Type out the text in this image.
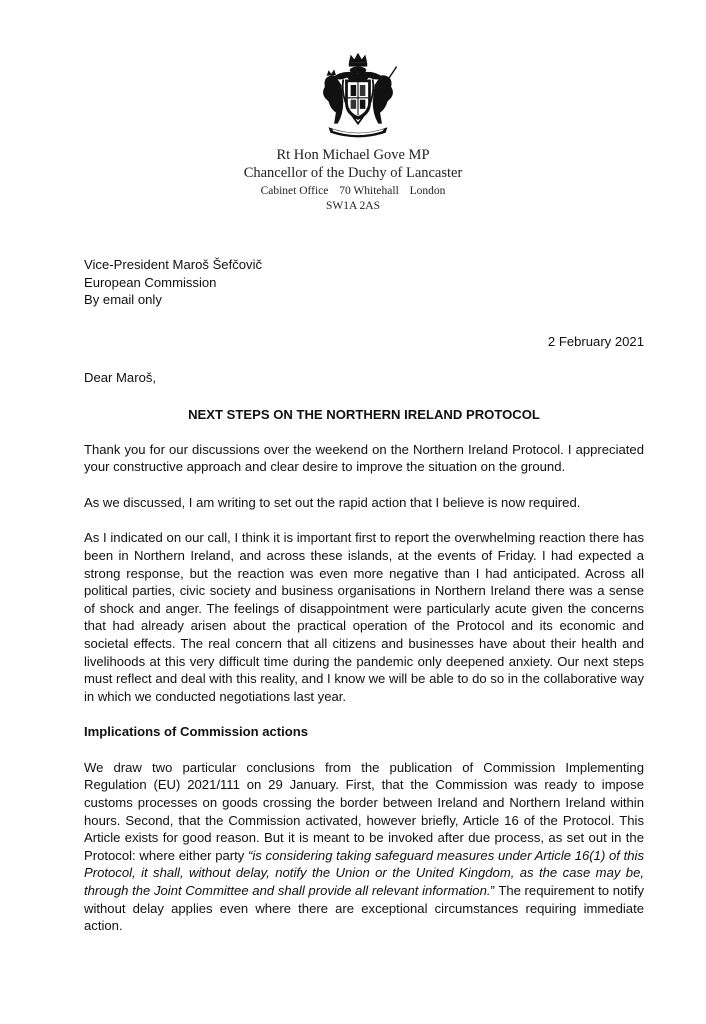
Rt Hon Michael Gove MP
Chancellor of the Duchy of Lancaster
Cabinet Office 70 Whitehall London
SW1A 2AS

Vice-President Maroš Šefčovič

European Commission

By email only

2 February 2021
Dear Maroš,
NEXT STEPS ON THE NORTHERN IRELAND PROTOCOL
Thank you for our discussions over the weekend on the Northern Ireland Protocol. I appreciated your constructive approach and clear desire to improve the situation on the ground.
As we discussed, I am writing to set out the rapid action that I believe is now required.
As I indicated on our call, I think it is important first to report the overwhelming reaction there has been in Northern Ireland, and across these islands, at the events of Friday. I had expected a strong response, but the reaction was even more negative than I had anticipated. Across all political parties, civic society and business organisations in Northern Ireland there was a sense of shock and anger. The feelings of disappointment were particularly acute given the concerns that had already arisen about the practical operation of the Protocol and its economic and societal effects. The real concern that all citizens and businesses have about their health and livelihoods at this very difficult time during the pandemic only deepened anxiety. Our next steps must reflect and deal with this reality, and I know we will be able to do so in the collaborative way in which we conducted negotiations last year.
Implications of Commission actions
We draw two particular conclusions from the publication of Commission Implementing Regulation (EU) 2021/111 on 29 January. First, that the Commission was ready to impose customs processes on goods crossing the border between Ireland and Northern Ireland within hours. Second, that the Commission activated, however briefly, Article 16 of the Protocol. This Article exists for good reason. But it is meant to be invoked after due process, as set out in the Protocol: where either party “is considering taking safeguard measures under Article 16(1) of this Protocol, it shall, without delay, notify the Union or the United Kingdom, as the case may be, through the Joint Committee and shall provide all relevant information.” The requirement to notify without delay applies even where there are exceptional circumstances requiring immediate action.
